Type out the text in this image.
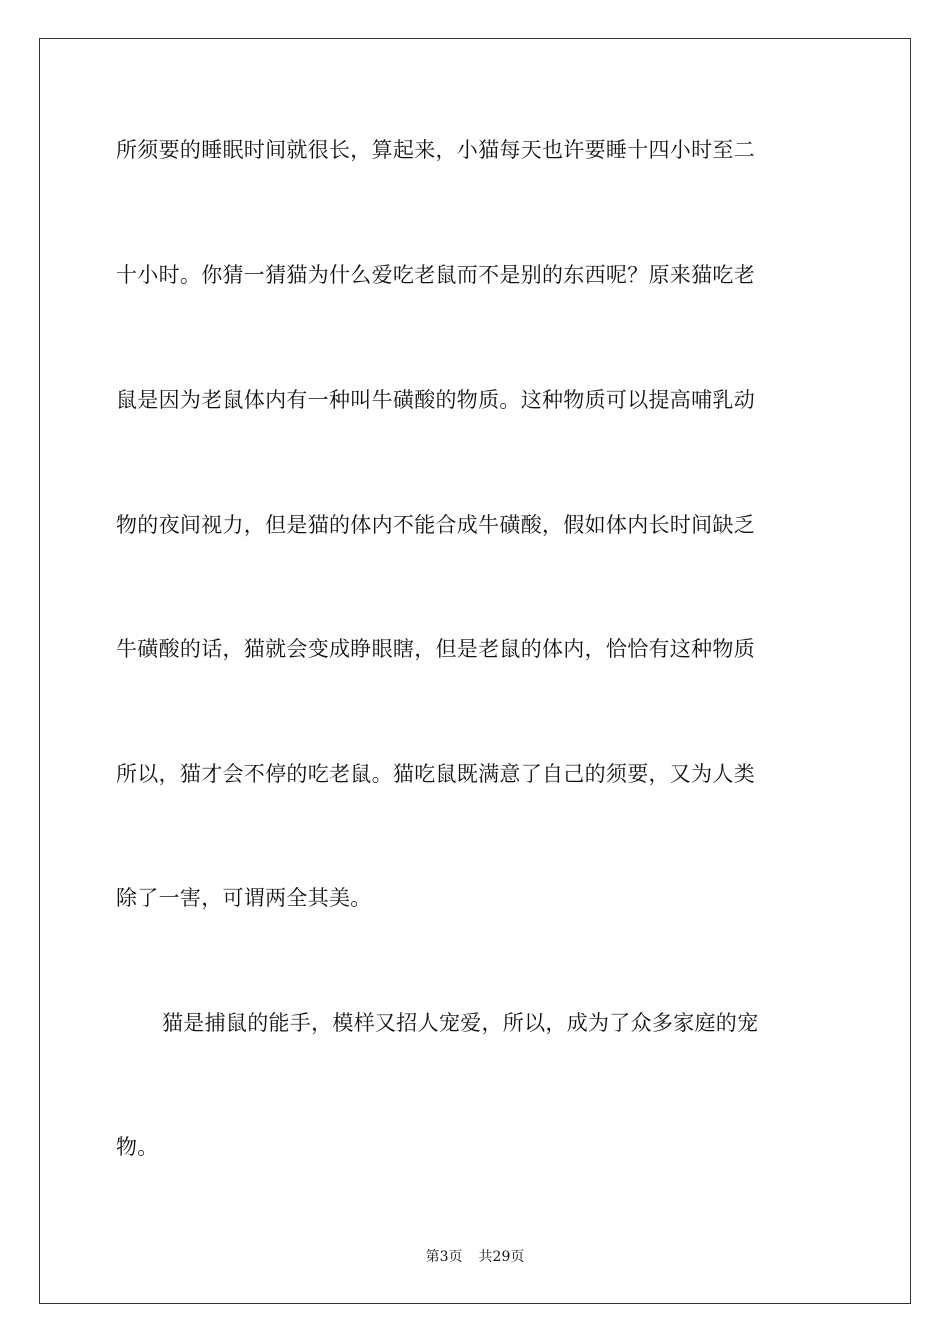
所须要的睡眠时间就很长，算起来，小猫每天也许要睡十四小时至二

十小时。你猜一猜猫为什么爱吃老鼠而不是别的东西呢？原来猫吃老

鼠是因为老鼠体内有一种叫牛磺酸的物质。这种物质可以提高哺乳动

物的夜间视力，但是猫的体内不能合成牛磺酸，假如体内长时间缺乏

牛磺酸的话，猫就会变成睁眼瞎，但是老鼠的体内，恰恰有这种物质

所以，猫才会不停的吃老鼠。猫吃鼠既满意了自己的须要，又为人类

除了一害，可谓两全其美。

猫是捕鼠的能手，模样又招人宠爱，所以，成为了众多家庭的宠

物。

第3页 共29页
